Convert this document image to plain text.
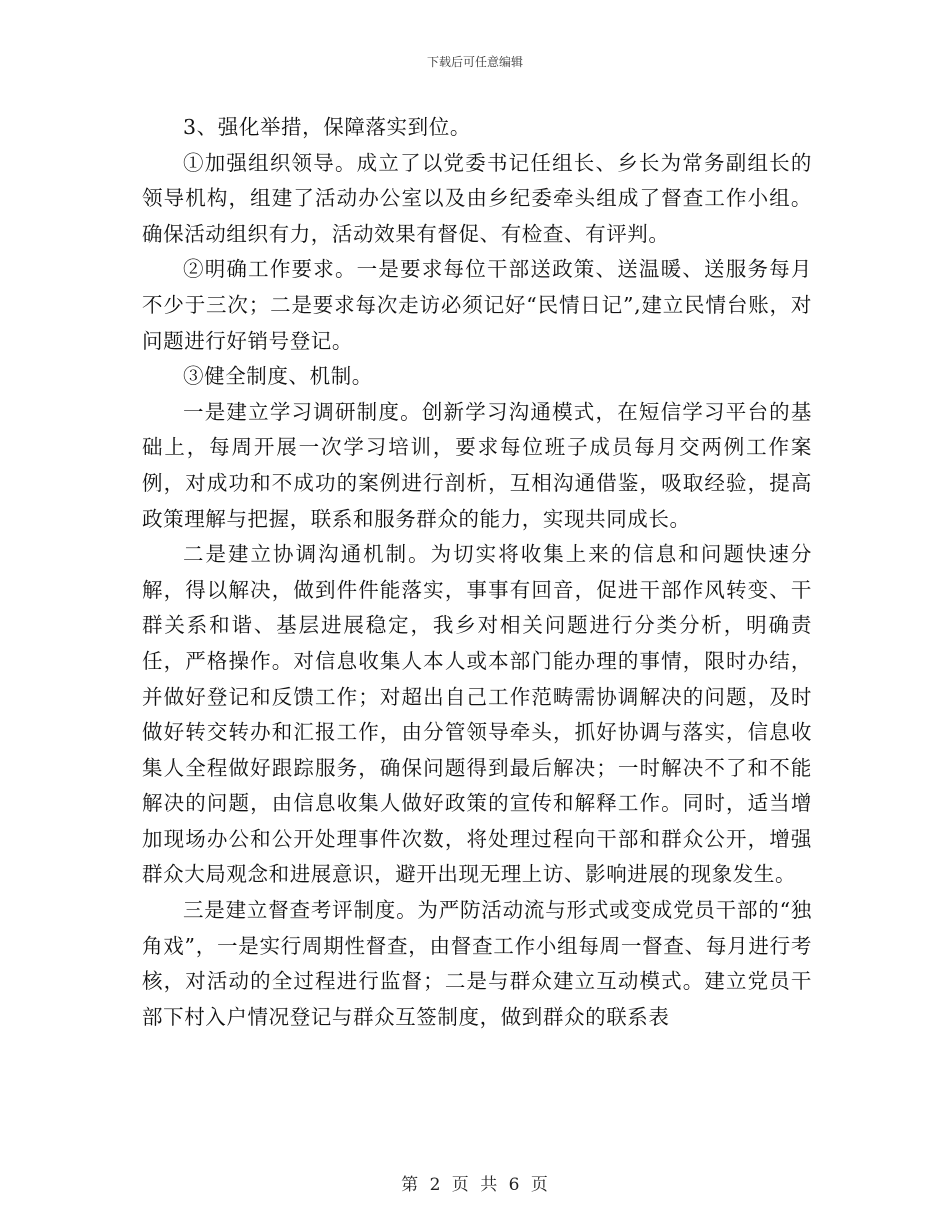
下载后可任意编辑

3、强化举措，保障落实到位。

①加强组织领导。成立了以党委书记任组长、乡长为常务副组长的领导机构，组建了活动办公室以及由乡纪委牵头组成了督查工作小组。确保活动组织有力，活动效果有督促、有检查、有评判。

②明确工作要求。一是要求每位干部送政策、送温暖、送服务每月不少于三次；二是要求每次走访必须记好“民情日记”,建立民情台账，对问题进行好销号登记。

③健全制度、机制。

一是建立学习调研制度。创新学习沟通模式，在短信学习平台的基础上，每周开展一次学习培训，要求每位班子成员每月交两例工作案例，对成功和不成功的案例进行剖析，互相沟通借鉴，吸取经验，提高政策理解与把握，联系和服务群众的能力，实现共同成长。

二是建立协调沟通机制。为切实将收集上来的信息和问题快速分解，得以解决，做到件件能落实，事事有回音，促进干部作风转变、干群关系和谐、基层进展稳定，我乡对相关问题进行分类分析，明确责任，严格操作。对信息收集人本人或本部门能办理的事情，限时办结，并做好登记和反馈工作；对超出自己工作范畴需协调解决的问题，及时做好转交转办和汇报工作，由分管领导牵头，抓好协调与落实，信息收集人全程做好跟踪服务，确保问题得到最后解决；一时解决不了和不能解决的问题，由信息收集人做好政策的宣传和解释工作。同时，适当增加现场办公和公开处理事件次数，将处理过程向干部和群众公开，增强群众大局观念和进展意识，避开出现无理上访、影响进展的现象发生。

三是建立督查考评制度。为严防活动流与形式或变成党员干部的“独角戏”，一是实行周期性督查，由督查工作小组每周一督查、每月进行考核，对活动的全过程进行监督；二是与群众建立互动模式。建立党员干部下村入户情况登记与群众互签制度，做到群众的联系表

第 2 页 共 6 页
